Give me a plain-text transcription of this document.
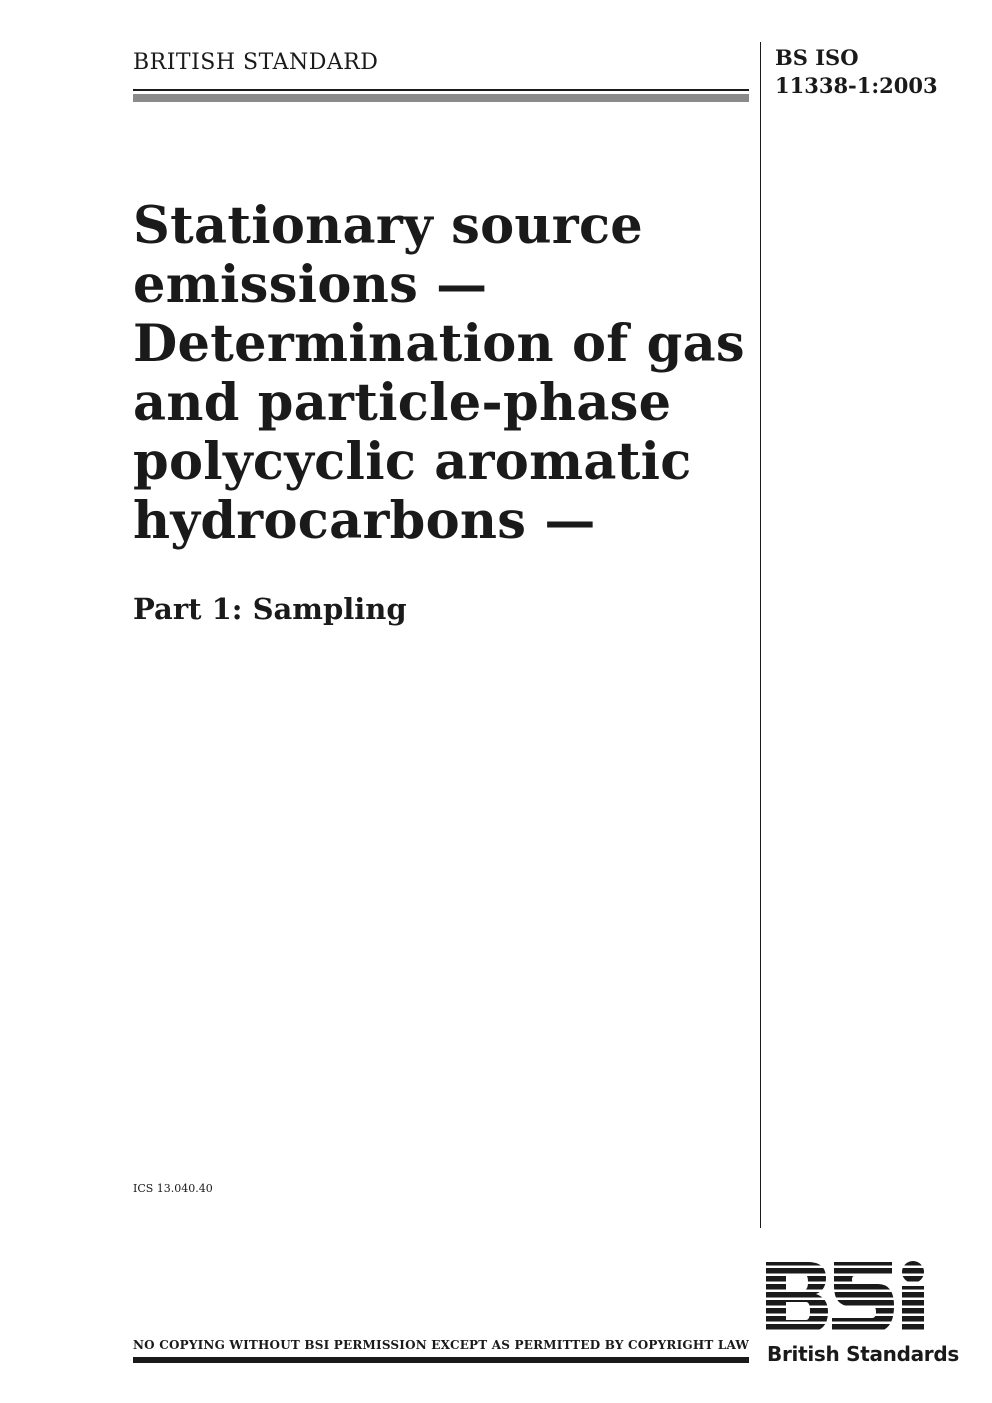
BRITISH STANDARD	BS ISO
11338-1:2003
Stationary source
emissions —
Determination of gas
and particle-phase
polycyclic aromatic
hydrocarbons —
Part 1: Sampling
ICS 13.040.40
NO COPYING WITHOUT BSI PERMISSION EXCEPT AS PERMITTED BY COPYRIGHT LAW British Standards
